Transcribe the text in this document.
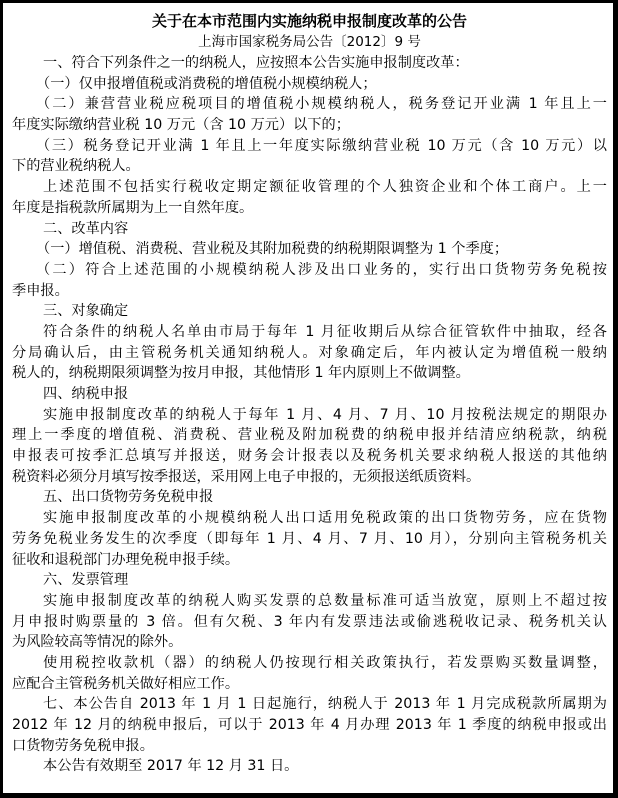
关于在本市范围内实施纳税申报制度改革的公告
上海市国家税务局公告〔2012〕9 号
一、符合下列条件之一的纳税人，应按照本公告实施申报制度改革：
（一）仅申报增值税或消费税的增值税小规模纳税人；
（二）兼营营业税应税项目的增值税小规模纳税人，税务登记开业满 1 年且上一
年度实际缴纳营业税 10 万元（含 10 万元）以下的；
（三）税务登记开业满 1 年且上一年度实际缴纳营业税 10 万元（含 10 万元）以
下的营业税纳税人。
上述范围不包括实行税收定期定额征收管理的个人独资企业和个体工商户。上一
年度是指税款所属期为上一自然年度。
二、改革内容
（一）增值税、消费税、营业税及其附加税费的纳税期限调整为 1 个季度；
（二）符合上述范围的小规模纳税人涉及出口业务的，实行出口货物劳务免税按
季申报。
三、对象确定
符合条件的纳税人名单由市局于每年 1 月征收期后从综合征管软件中抽取，经各
分局确认后，由主管税务机关通知纳税人。对象确定后，年内被认定为增值税一般纳
税人的，纳税期限须调整为按月申报，其他情形 1 年内原则上不做调整。
四、纳税申报
实施申报制度改革的纳税人于每年 1 月、4 月、7 月、10 月按税法规定的期限办
理上一季度的增值税、消费税、营业税及附加税费的纳税申报并结清应纳税款，纳税
申报表可按季汇总填写并报送，财务会计报表以及税务机关要求纳税人报送的其他纳
税资料必须分月填写按季报送，采用网上电子申报的，无须报送纸质资料。
五、出口货物劳务免税申报
实施申报制度改革的小规模纳税人出口适用免税政策的出口货物劳务，应在货物
劳务免税业务发生的次季度（即每年 1 月、4 月、7 月、10 月），分别向主管税务机关
征收和退税部门办理免税申报手续。
六、发票管理
实施申报制度改革的纳税人购买发票的总数量标准可适当放宽，原则上不超过按
月申报时购票量的 3 倍。但有欠税、3 年内有发票违法或偷逃税收记录、税务机关认
为风险较高等情况的除外。
使用税控收款机（器）的纳税人仍按现行相关政策执行，若发票购买数量调整，
应配合主管税务机关做好相应工作。
七、本公告自 2013 年 1 月 1 日起施行，纳税人于 2013 年 1 月完成税款所属期为
2012 年 12 月的纳税申报后，可以于 2013 年 4 月办理 2013 年 1 季度的纳税申报或出
口货物劳务免税申报。
本公告有效期至 2017 年 12 月 31 日。
